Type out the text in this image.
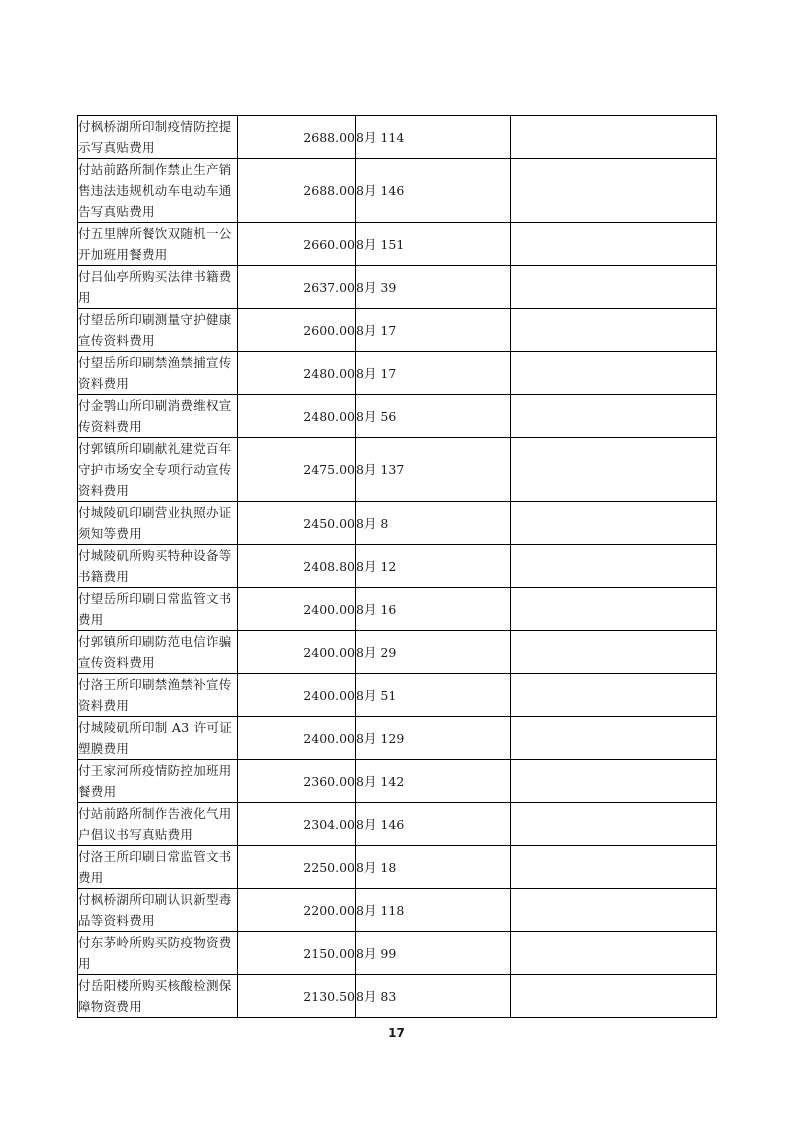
付枫桥湖所印制疫情防控提示写真贴费用	2688.00	8月 114	
付站前路所制作禁止生产销售违法违规机动车电动车通告写真贴费用	2688.00	8月 146	
付五里牌所餐饮双随机一公开加班用餐费用	2660.00	8月 151	
付吕仙亭所购买法律书籍费用	2637.00	8月 39	
付望岳所印刷测量守护健康宣传资料费用	2600.00	8月 17	
付望岳所印刷禁渔禁捕宣传资料费用	2480.00	8月 17	
付金鹗山所印刷消费维权宣传资料费用	2480.00	8月 56	
付郭镇所印刷献礼建党百年守护市场安全专项行动宣传资料费用	2475.00	8月 137	
付城陵矶印刷营业执照办证须知等费用	2450.00	8月 8	
付城陵矶所购买特种设备等书籍费用	2408.80	8月 12	
付望岳所印刷日常监管文书费用	2400.00	8月 16	
付郭镇所印刷防范电信诈骗宣传资料费用	2400.00	8月 29	
付洛王所印刷禁渔禁补宣传资料费用	2400.00	8月 51	
付城陵矶所印制 A3 许可证塑膜费用	2400.00	8月 129	
付王家河所疫情防控加班用餐费用	2360.00	8月 142	
付站前路所制作告液化气用户倡议书写真贴费用	2304.00	8月 146	
付洛王所印刷日常监管文书费用	2250.00	8月 18	
付枫桥湖所印刷认识新型毒品等资料费用	2200.00	8月 118	
付东茅岭所购买防疫物资费用	2150.00	8月 99	
付岳阳楼所购买核酸检测保障物资费用	2130.50	8月 83	
17
